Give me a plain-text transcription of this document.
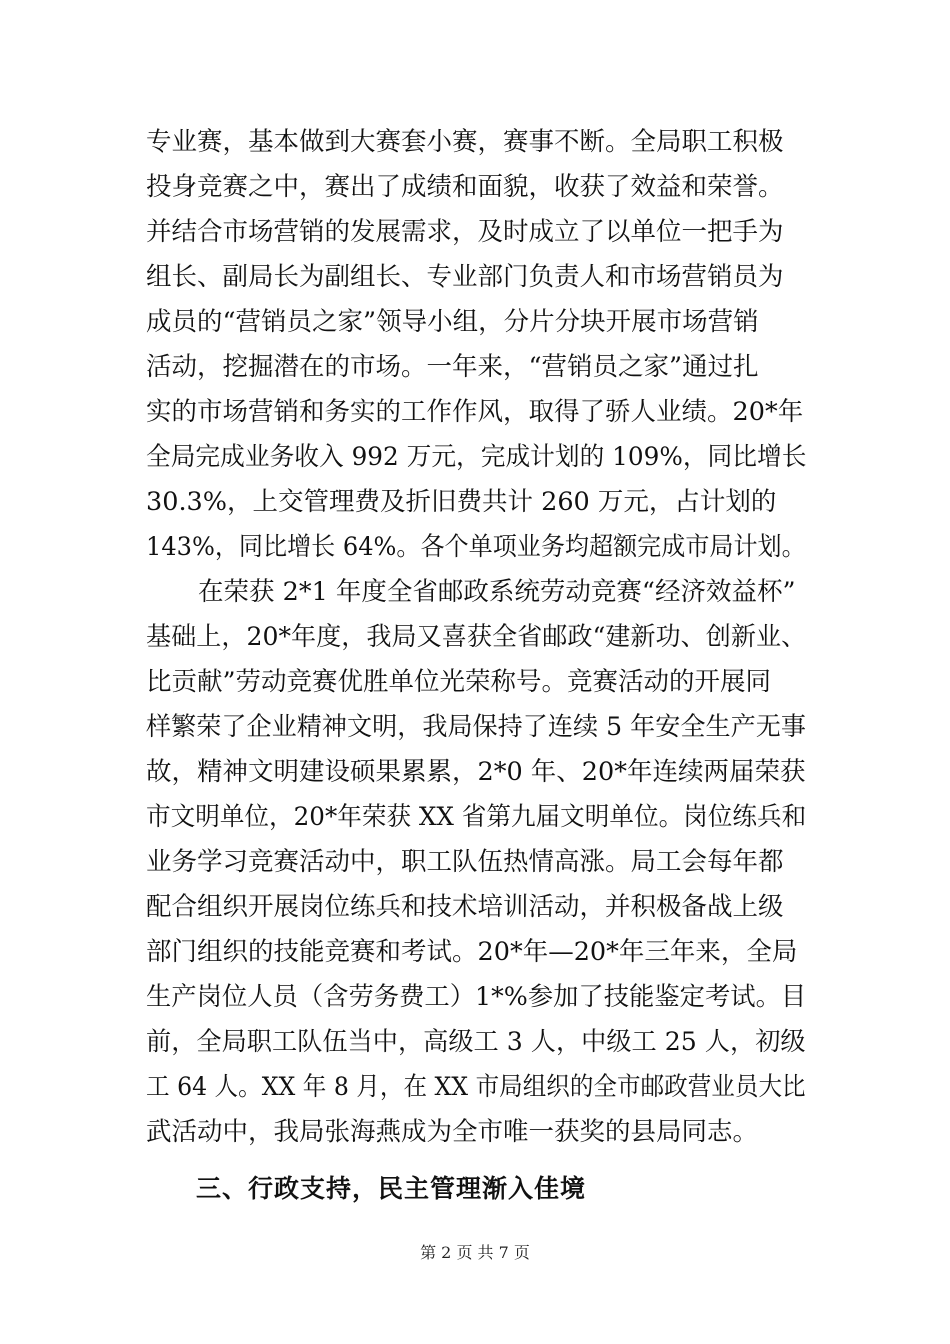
专业赛，基本做到大赛套小赛，赛事不断。全局职工积极
投身竞赛之中，赛出了成绩和面貌，收获了效益和荣誉。
并结合市场营销的发展需求，及时成立了以单位一把手为
组长、副局长为副组长、专业部门负责人和市场营销员为
成员的“营销员之家”领导小组，分片分块开展市场营销
活动，挖掘潜在的市场。一年来，“营销员之家”通过扎
实的市场营销和务实的工作作风，取得了骄人业绩。20*年
全局完成业务收入 992 万元，完成计划的 109%，同比增长
30.3%，上交管理费及折旧费共计 260 万元，占计划的
143%，同比增长 64%。各个单项业务均超额完成市局计划。
在荣获 2*1 年度全省邮政系统劳动竞赛“经济效益杯”
基础上，20*年度，我局又喜获全省邮政“建新功、创新业、
比贡献”劳动竞赛优胜单位光荣称号。竞赛活动的开展同
样繁荣了企业精神文明，我局保持了连续 5 年安全生产无事
故，精神文明建设硕果累累，2*0 年、20*年连续两届荣获
市文明单位，20*年荣获 XX 省第九届文明单位。岗位练兵和
业务学习竞赛活动中，职工队伍热情高涨。局工会每年都
配合组织开展岗位练兵和技术培训活动，并积极备战上级
部门组织的技能竞赛和考试。20*年—20*年三年来，全局
生产岗位人员（含劳务费工）1*%参加了技能鉴定考试。目
前，全局职工队伍当中，高级工 3 人，中级工 25 人，初级
工 64 人。XX 年 8 月，在 XX 市局组织的全市邮政营业员大比
武活动中，我局张海燕成为全市唯一获奖的县局同志。
三、行政支持，民主管理渐入佳境
第 2 页 共 7 页
